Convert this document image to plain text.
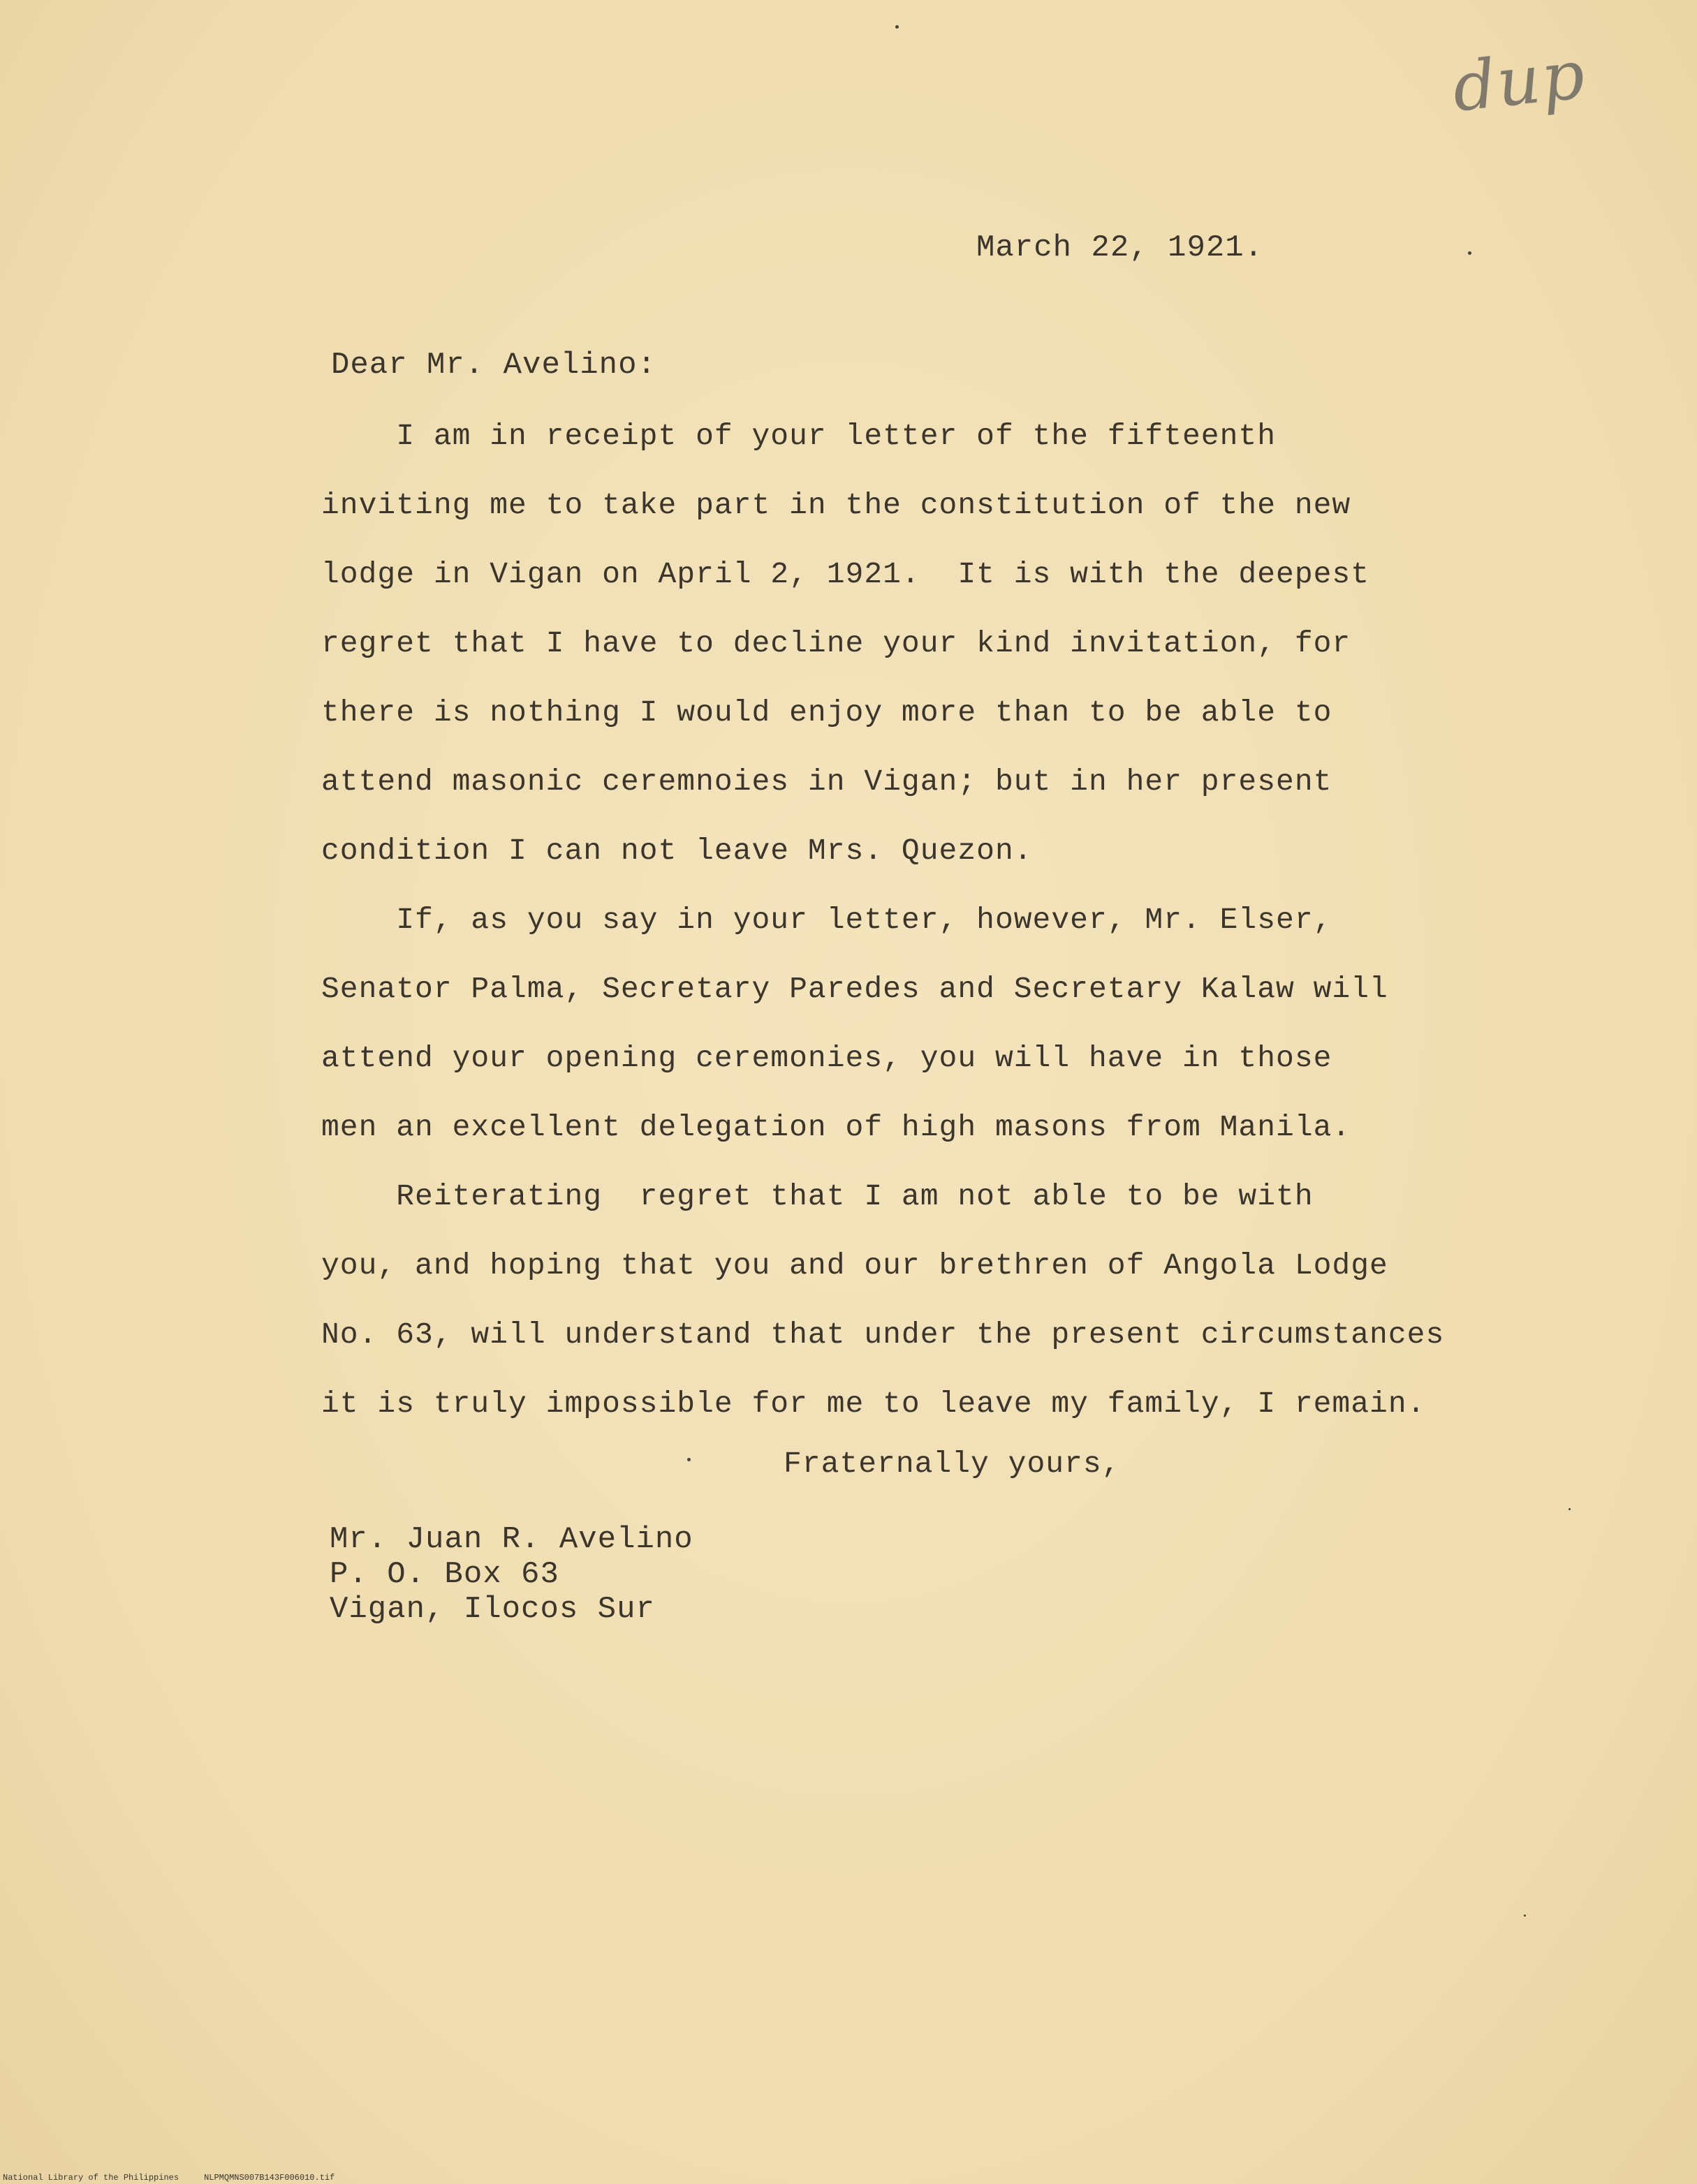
dup
March 22, 1921.
Dear Mr. Avelino:

I am in receipt of your letter of the fifteenth
inviting me to take part in the constitution of the new
lodge in Vigan on April 2, 1921.  It is with the deepest
regret that I have to decline your kind invitation, for
there is nothing I would enjoy more than to be able to
attend masonic ceremnoies in Vigan; but in her present
condition I can not leave Mrs. Quezon.

If, as you say in your letter, however, Mr. Elser,
Senator Palma, Secretary Paredes and Secretary Kalaw will
attend your opening ceremonies, you will have in those
men an excellent delegation of high masons from Manila.

Reiterating  regret that I am not able to be with
you, and hoping that you and our brethren of Angola Lodge
No. 63, will understand that under the present circumstances
it is truly impossible for me to leave my family, I remain.

Fraternally yours,
Mr. Juan R. Avelino
P. O. Box 63
Vigan, Ilocos Sur
National Library of the Philippines	NLPMQMNS007B143F006010.tif
